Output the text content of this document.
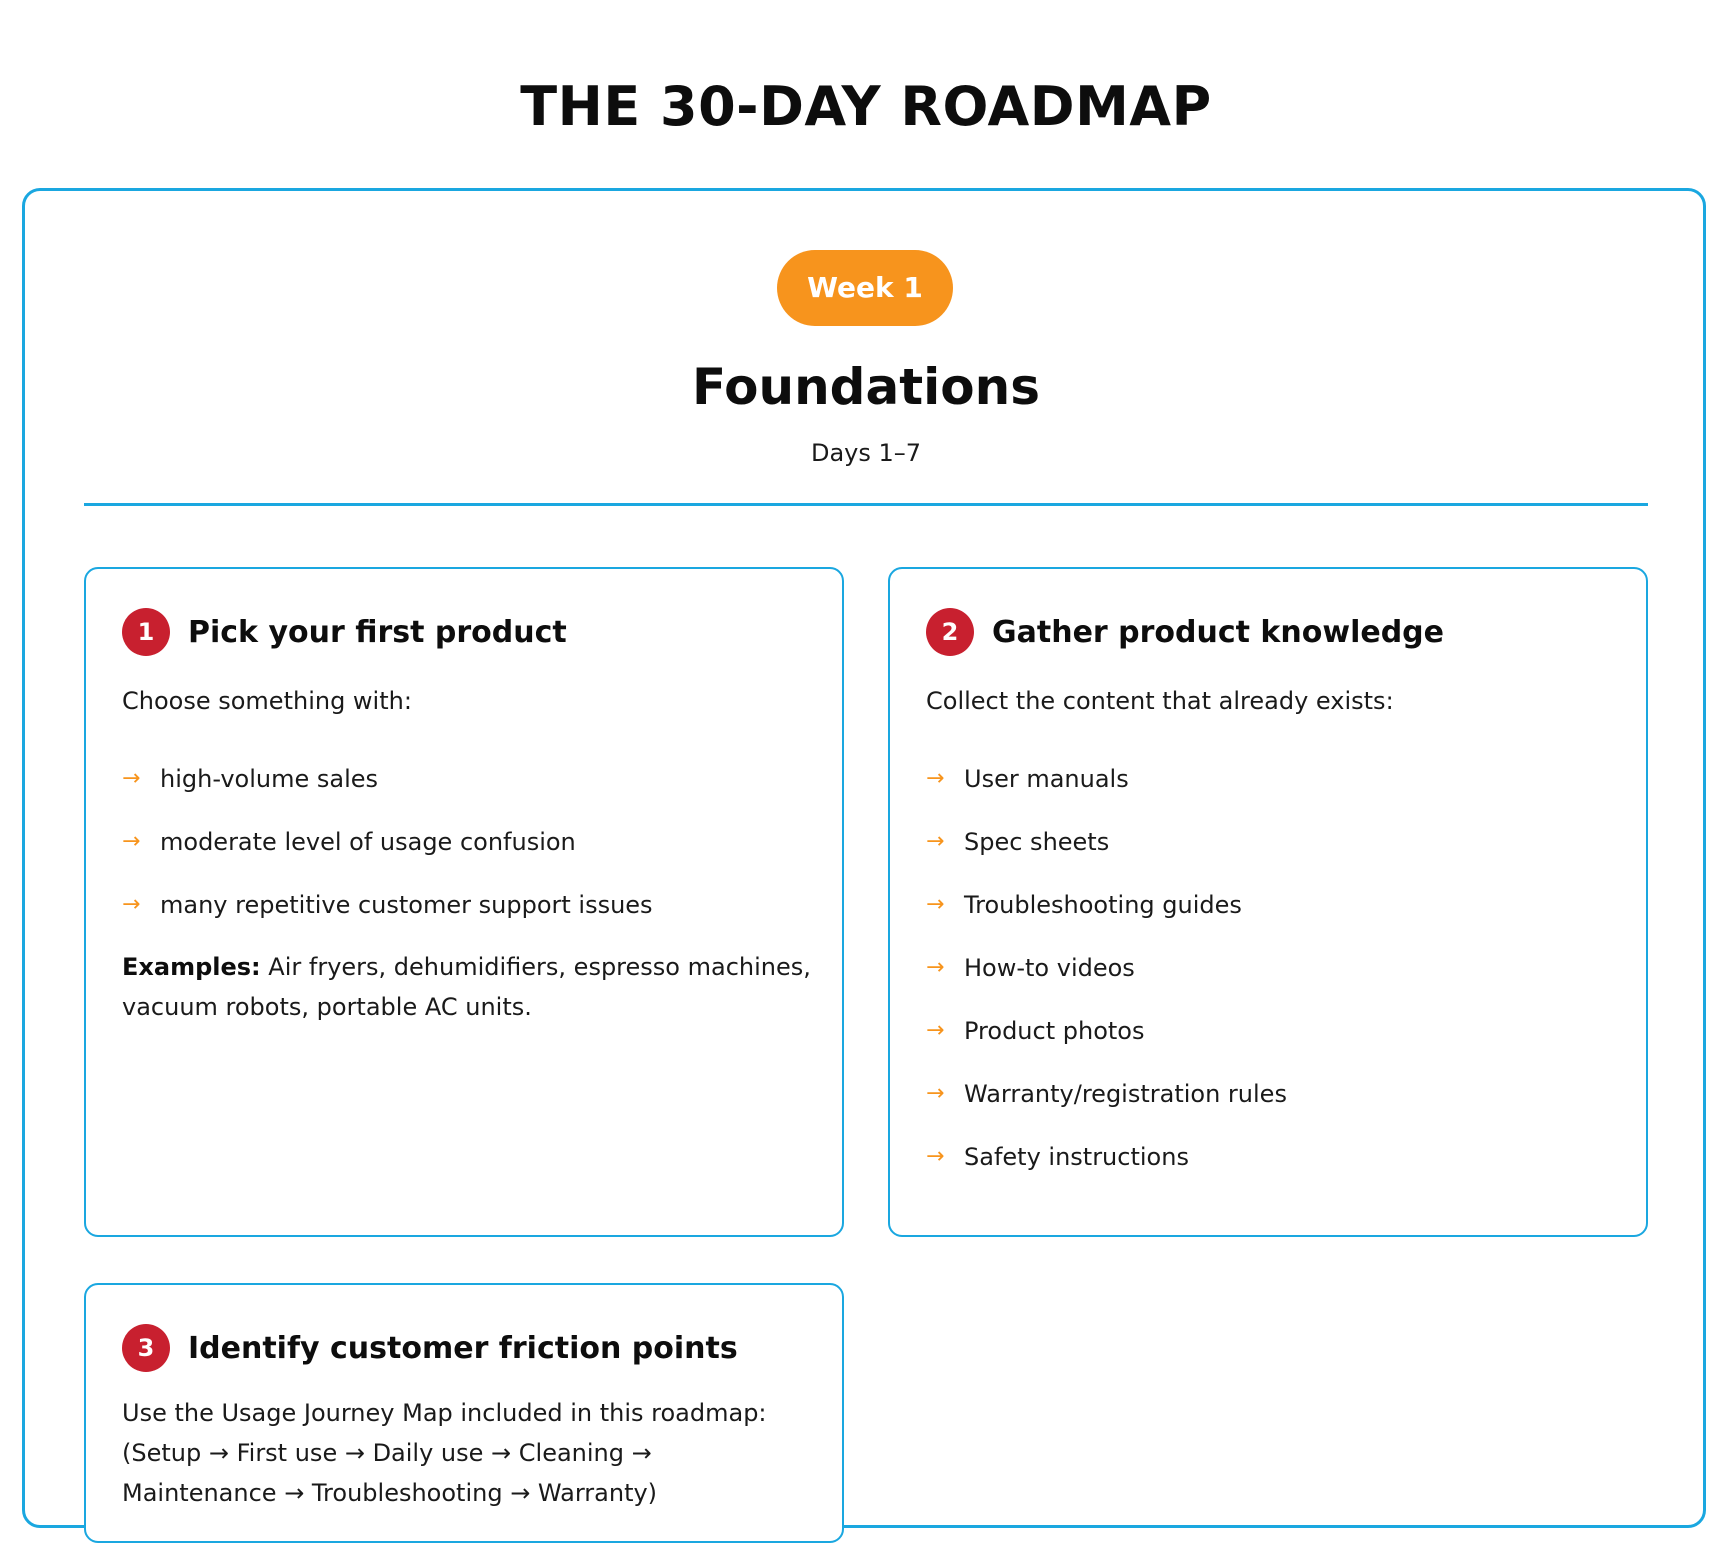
THE 30-DAY ROADMAP
Week 1
Foundations
Days 1–7
1	Pick your first product
Choose something with:
→ high-volume sales
→ moderate level of usage confusion
→ many repetitive customer support issues
Examples: Air fryers, dehumidifiers, espresso machines, vacuum robots, portable AC units.
2	Gather product knowledge
Collect the content that already exists:
→ User manuals
→ Spec sheets
→ Troubleshooting guides
→ How-to videos
→ Product photos
→ Warranty/registration rules
→ Safety instructions
3	Identify customer friction points
Use the Usage Journey Map included in this roadmap:
(Setup → First use → Daily use → Cleaning → Maintenance → Troubleshooting → Warranty)
